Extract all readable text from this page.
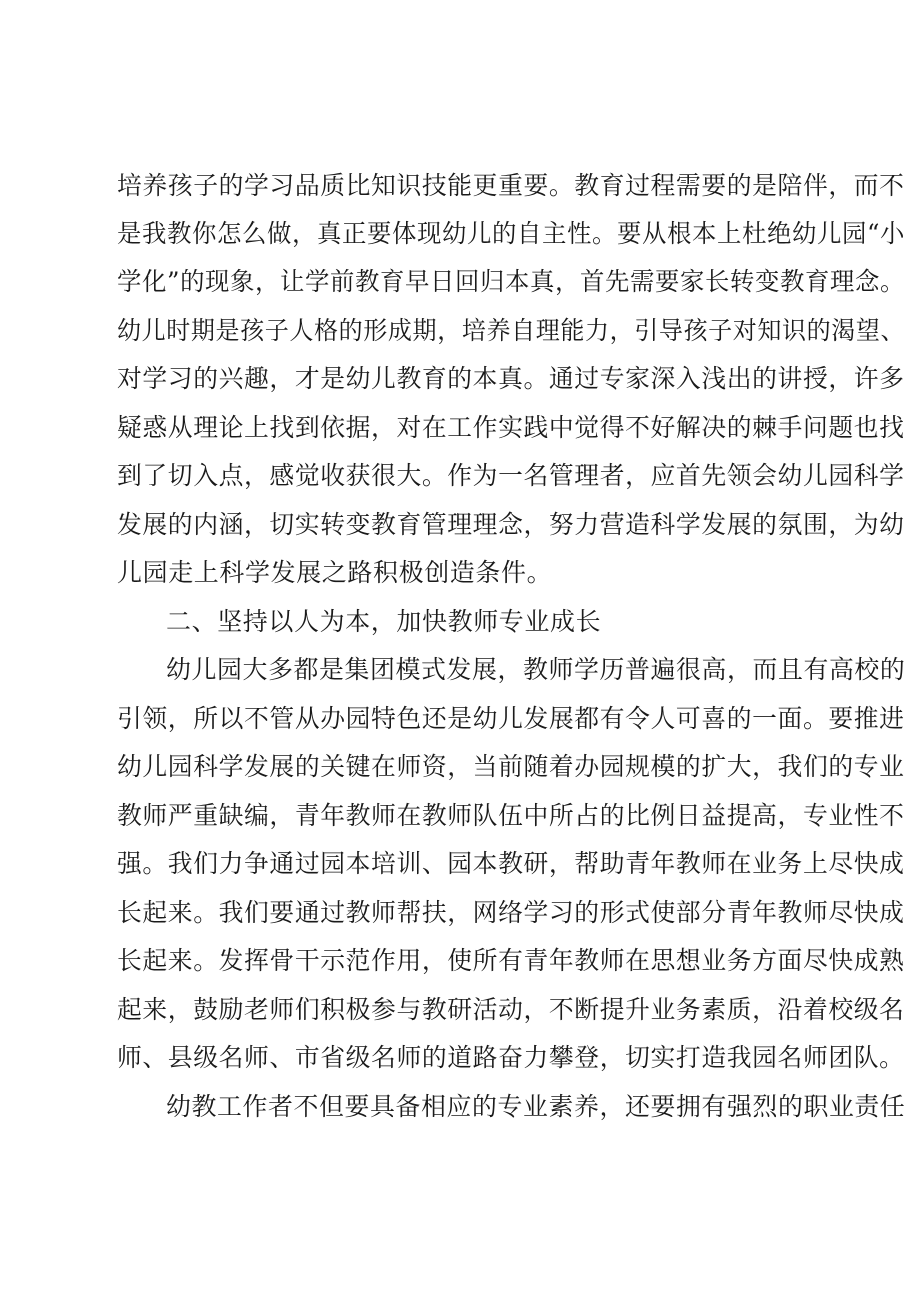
培养孩子的学习品质比知识技能更重要。教育过程需要的是陪伴，而不
是我教你怎么做，真正要体现幼儿的自主性。要从根本上杜绝幼儿园“小
学化”的现象，让学前教育早日回归本真，首先需要家长转变教育理念。
幼儿时期是孩子人格的形成期，培养自理能力，引导孩子对知识的渴望、
对学习的兴趣，才是幼儿教育的本真。通过专家深入浅出的讲授，许多
疑惑从理论上找到依据，对在工作实践中觉得不好解决的棘手问题也找
到了切入点，感觉收获很大。作为一名管理者，应首先领会幼儿园科学
发展的内涵，切实转变教育管理理念，努力营造科学发展的氛围，为幼
儿园走上科学发展之路积极创造条件。
二、坚持以人为本，加快教师专业成长
幼儿园大多都是集团模式发展，教师学历普遍很高，而且有高校的
引领，所以不管从办园特色还是幼儿发展都有令人可喜的一面。要推进
幼儿园科学发展的关键在师资，当前随着办园规模的扩大，我们的专业
教师严重缺编，青年教师在教师队伍中所占的比例日益提高，专业性不
强。我们力争通过园本培训、园本教研，帮助青年教师在业务上尽快成
长起来。我们要通过教师帮扶，网络学习的形式使部分青年教师尽快成
长起来。发挥骨干示范作用，使所有青年教师在思想业务方面尽快成熟
起来，鼓励老师们积极参与教研活动，不断提升业务素质，沿着校级名
师、县级名师、市省级名师的道路奋力攀登，切实打造我园名师团队。
幼教工作者不但要具备相应的专业素养，还要拥有强烈的职业责任
